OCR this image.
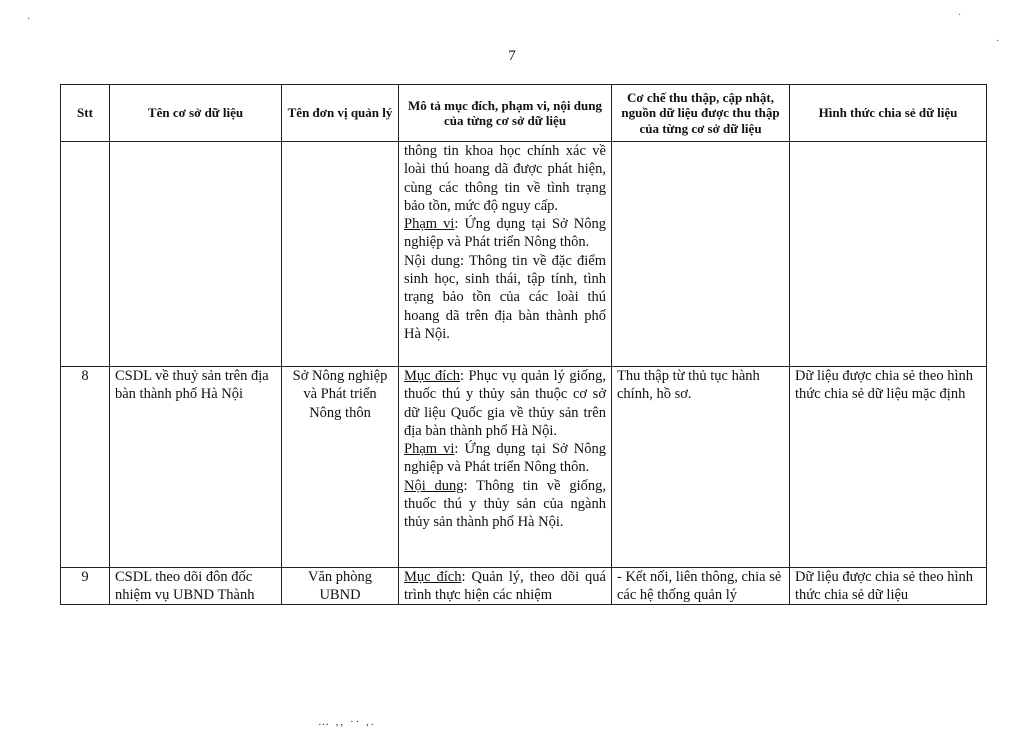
7
Stt	Tên cơ sở dữ liệu	Tên đơn vị quản lý	Mô tả mục đích, phạm vi, nội dung của từng cơ sở dữ liệu	Cơ chế thu thập, cập nhật, nguồn dữ liệu được thu thập của từng cơ sở dữ liệu	Hình thức chia sẻ dữ liệu

			thông tin khoa học chính xác về loài thú hoang dã được phát hiện, cùng các thông tin về tình trạng bảo tồn, mức độ nguy cấp.
Phạm vi: Ứng dụng tại Sở Nông nghiệp và Phát triển Nông thôn.
Nội dung: Thông tin về đặc điểm sinh học, sinh thái, tập tính, tình trạng bảo tồn của các loài thú hoang dã trên địa bàn thành phố Hà Nội.		

8	CSDL về thuỷ sản trên địa bàn thành phố Hà Nội	Sở Nông nghiệp và Phát triển Nông thôn	Mục đích: Phục vụ quản lý giống, thuốc thú y thủy sản thuộc cơ sở dữ liệu Quốc gia về thủy sản trên địa bàn thành phố Hà Nội.
Phạm vi: Ứng dụng tại Sở Nông nghiệp và Phát triển Nông thôn.
Nội dung: Thông tin về giống, thuốc thú y thủy sản của ngành thủy sản thành phố Hà Nội.	Thu thập từ thủ tục hành chính, hồ sơ.	Dữ liệu được chia sẻ theo hình thức chia sẻ dữ liệu mặc định
9	CSDL theo dõi đôn đốc nhiệm vụ UBND Thành	Văn phòng UBND	Mục đích: Quản lý, theo dõi quá trình thực hiện các nhiệm	- Kết nối, liên thông, chia sẻ các hệ thống quản lý	Dữ liệu được chia sẻ theo hình thức chia sẻ dữ liệu
·	·
·
… ,, ·· ,.
